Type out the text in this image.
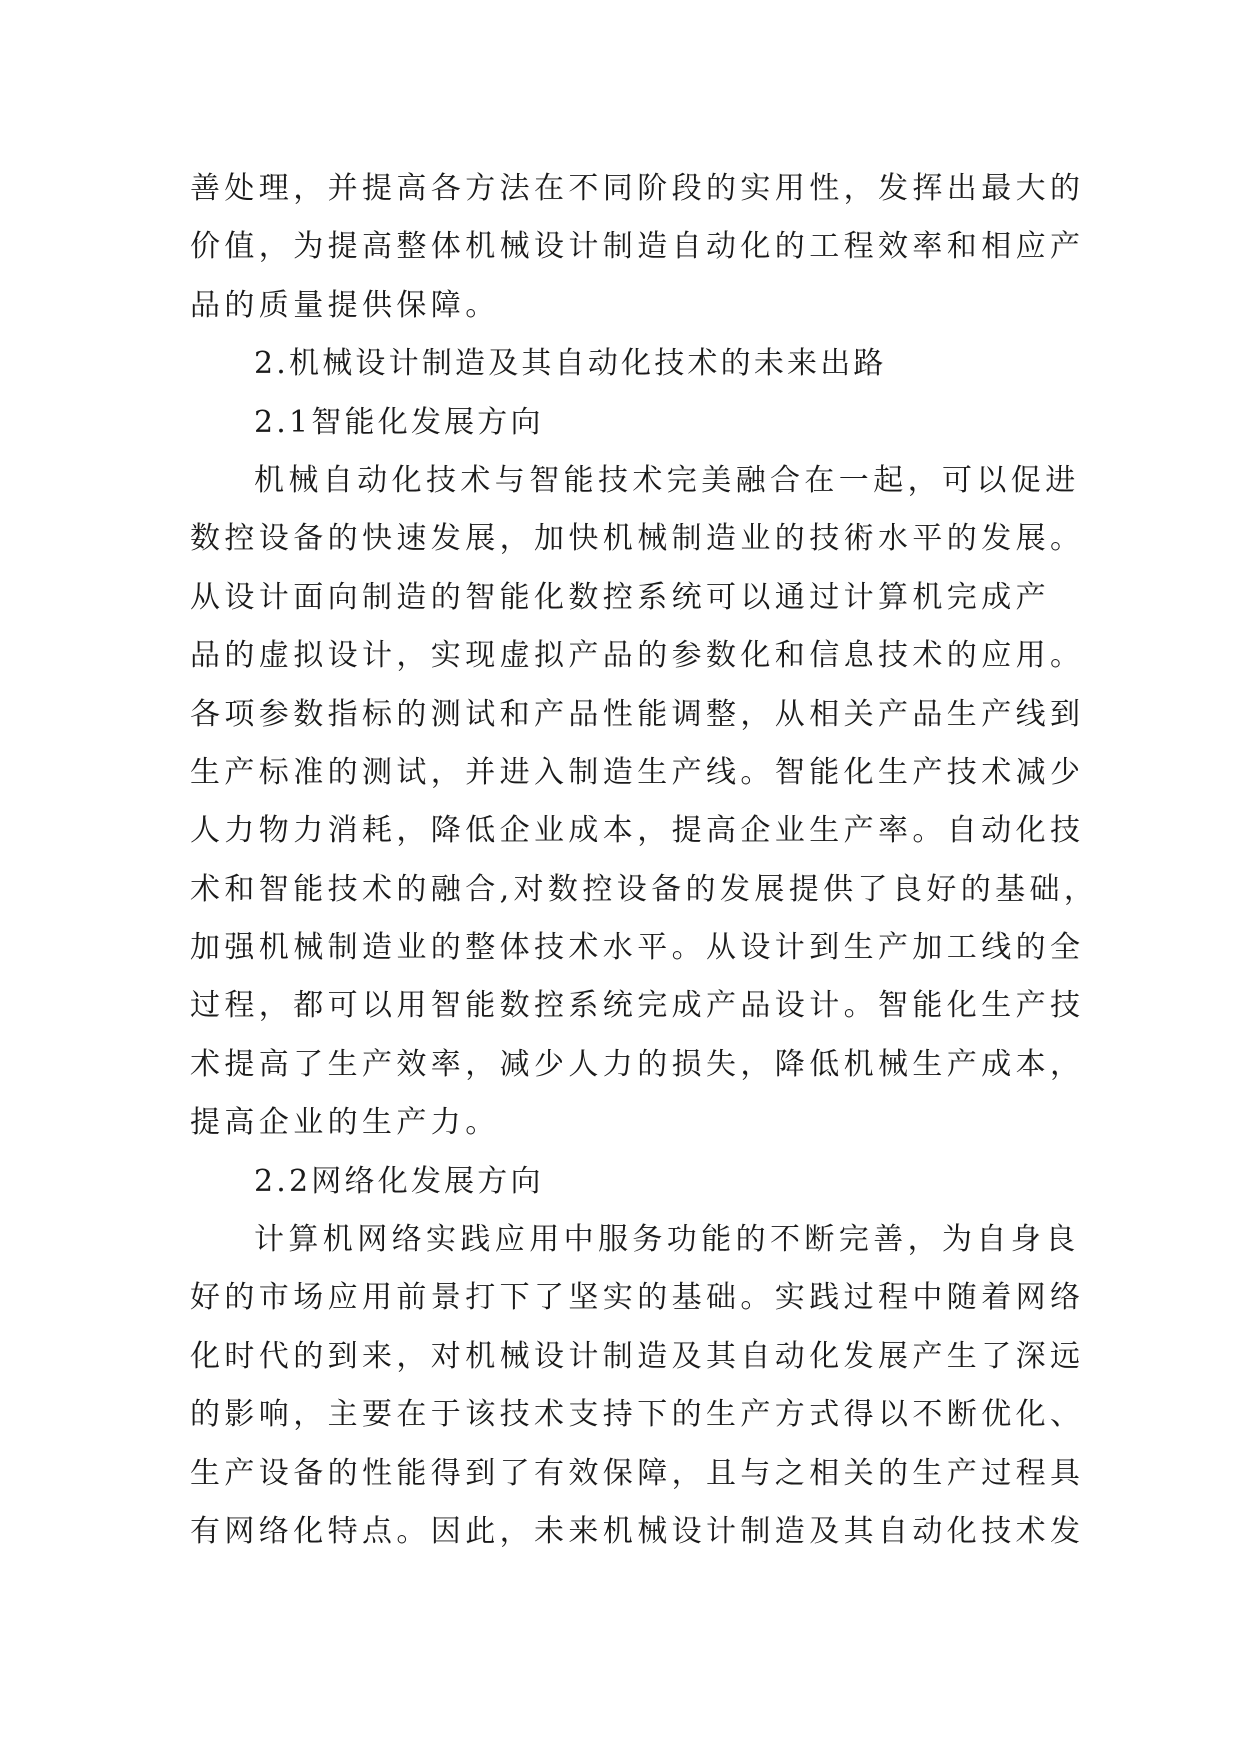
善处理，并提高各方法在不同阶段的实用性，发挥出最大的
价值，为提高整体机械设计制造自动化的工程效率和相应产
品的质量提供保障。
2.机械设计制造及其自动化技术的未来出路
2.1智能化发展方向
机械自动化技术与智能技术完美融合在一起，可以促进
数控设备的快速发展，加快机械制造业的技術水平的发展。
从设计面向制造的智能化数控系统可以通过计算机完成产
品的虚拟设计，实现虚拟产品的参数化和信息技术的应用。
各项参数指标的测试和产品性能调整，从相关产品生产线到
生产标准的测试，并进入制造生产线。智能化生产技术减少
人力物力消耗，降低企业成本，提高企业生产率。自动化技
术和智能技术的融合,对数控设备的发展提供了良好的基础，
加强机械制造业的整体技术水平。从设计到生产加工线的全
过程，都可以用智能数控系统完成产品设计。智能化生产技
术提高了生产效率，减少人力的损失，降低机械生产成本，
提高企业的生产力。
2.2网络化发展方向
计算机网络实践应用中服务功能的不断完善，为自身良
好的市场应用前景打下了坚实的基础。实践过程中随着网络
化时代的到来，对机械设计制造及其自动化发展产生了深远
的影响，主要在于该技术支持下的生产方式得以不断优化、
生产设备的性能得到了有效保障，且与之相关的生产过程具
有网络化特点。因此，未来机械设计制造及其自动化技术发
